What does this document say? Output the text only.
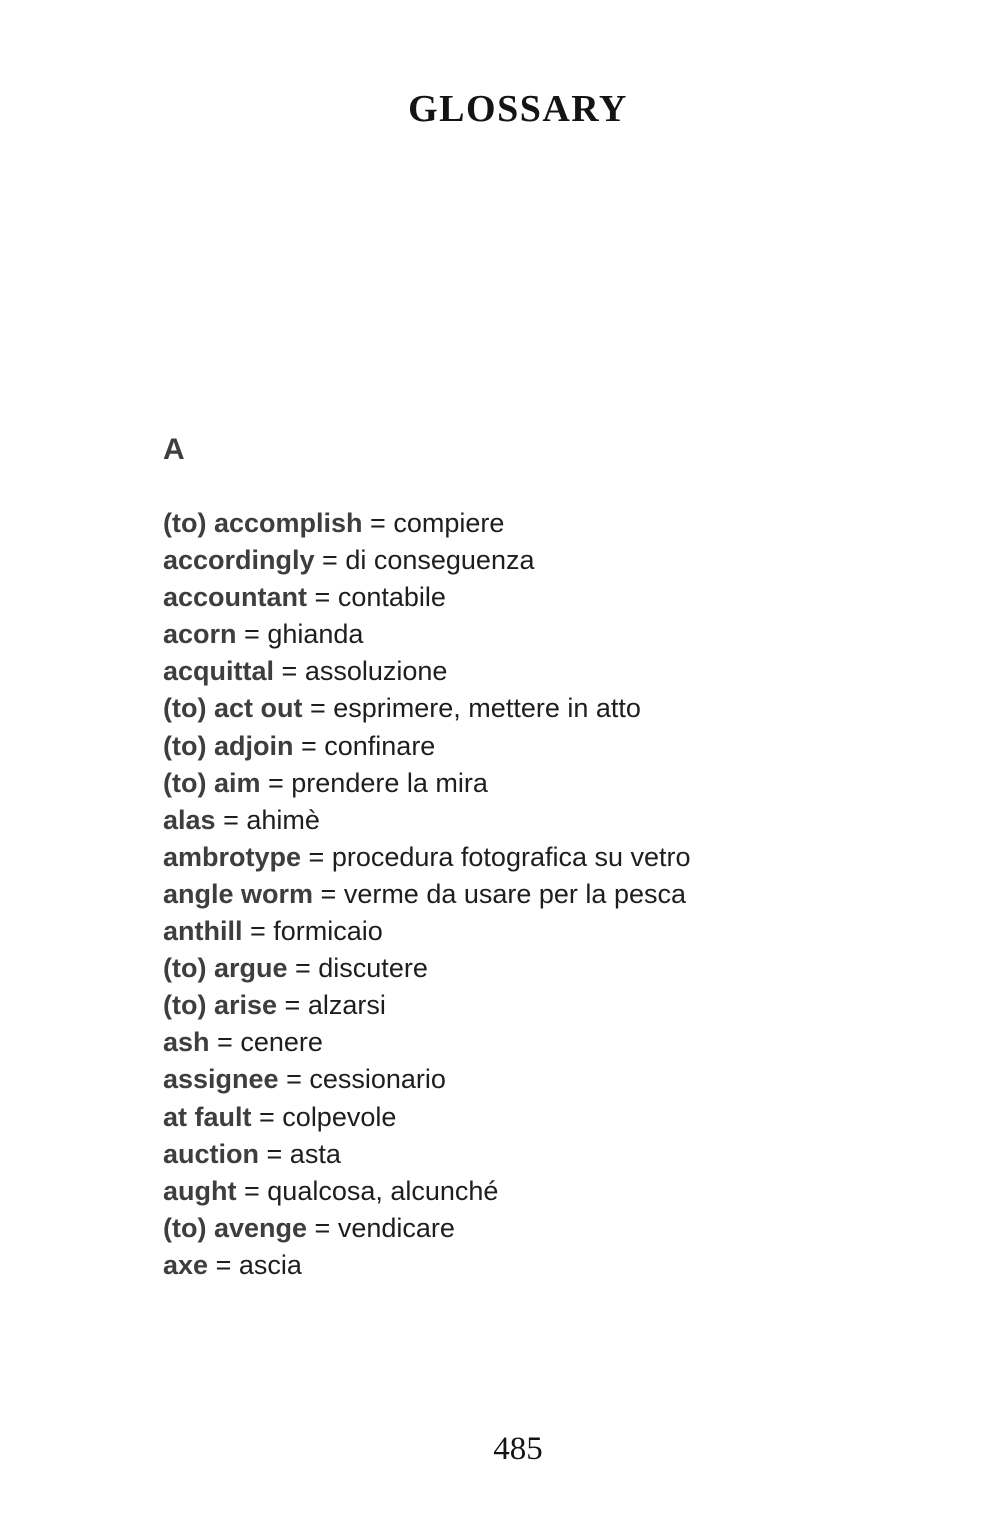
GLOSSARY
A
(to) accomplish = compiere
accordingly = di conseguenza
accountant = contabile
acorn = ghianda
acquittal = assoluzione
(to) act out = esprimere, mettere in atto
(to) adjoin = confinare
(to) aim = prendere la mira
alas = ahimè
ambrotype = procedura fotografica su vetro
angle worm = verme da usare per la pesca
anthill = formicaio
(to) argue = discutere
(to) arise = alzarsi
ash = cenere
assignee = cessionario
at fault = colpevole
auction = asta
aught = qualcosa, alcunché
(to) avenge = vendicare
axe = ascia
485
